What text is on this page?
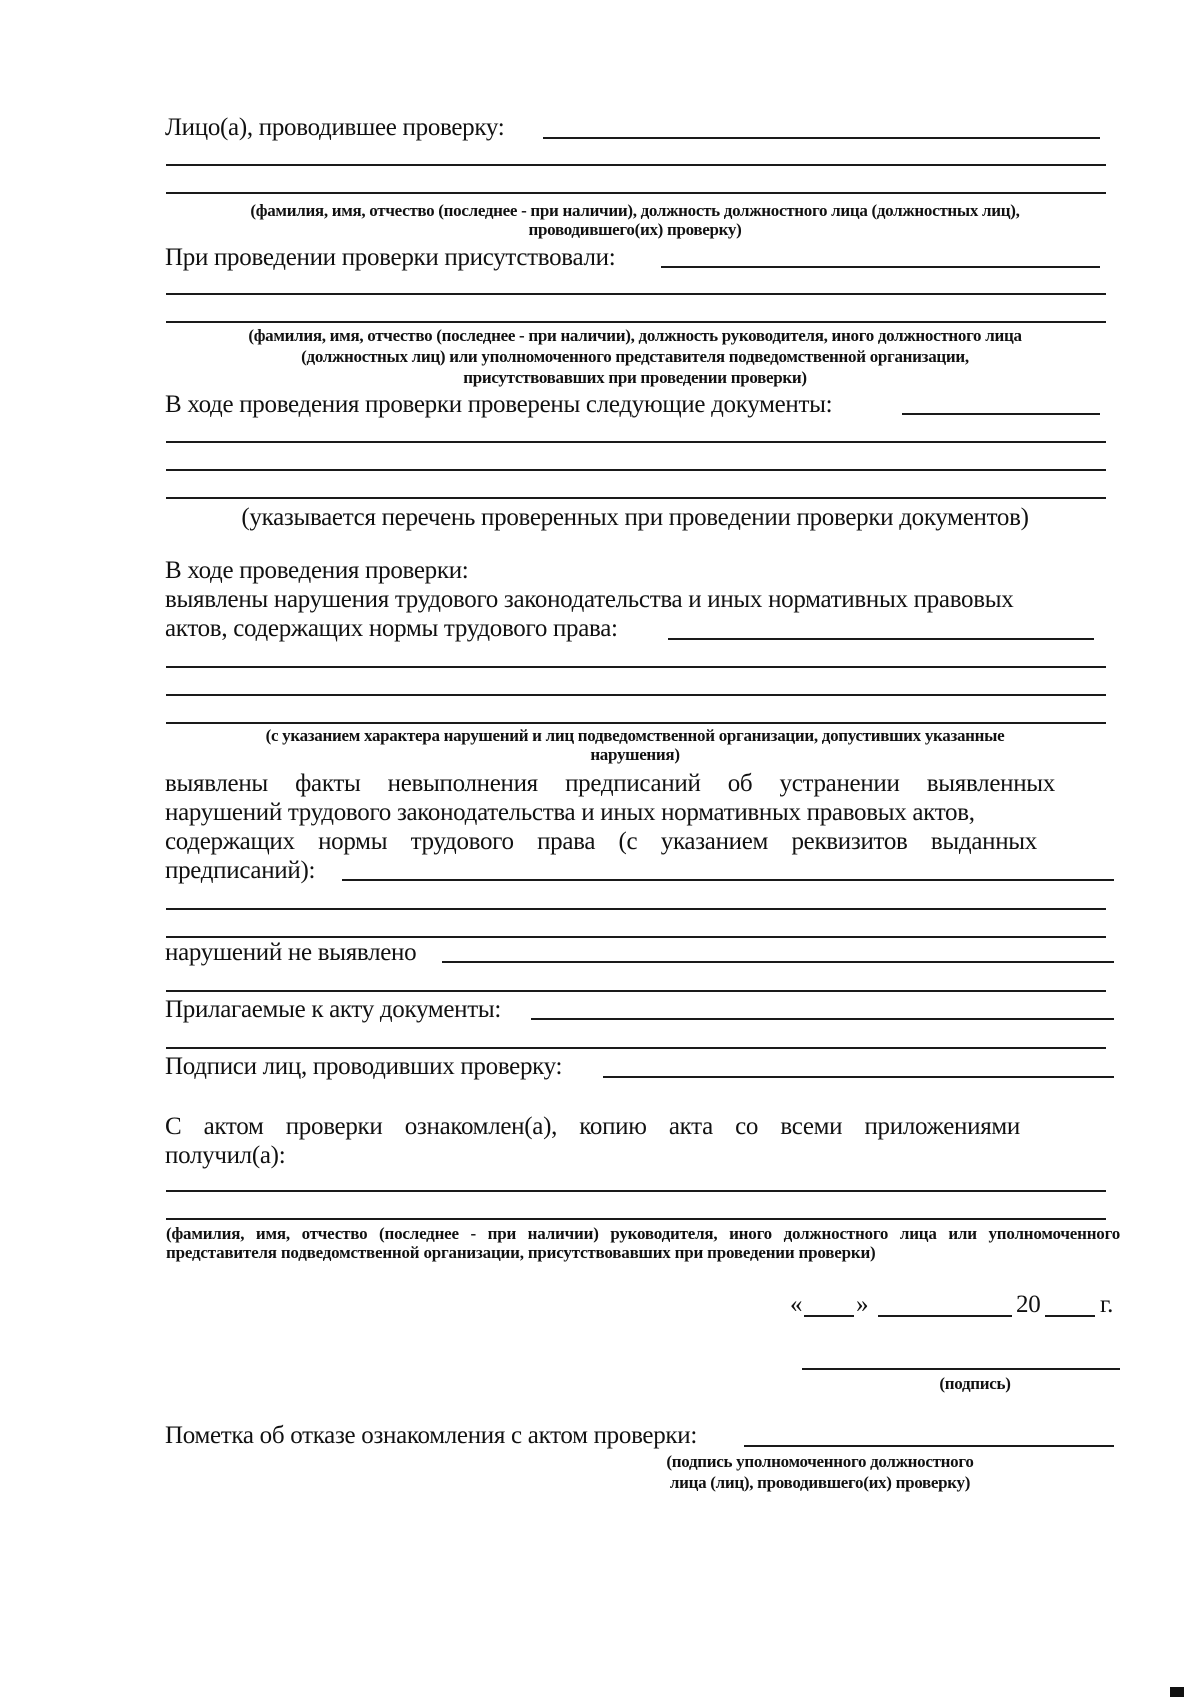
Лицо(а), проводившее проверку:
(фамилия, имя, отчество (последнее - при наличии), должность должностного лица (должностных лиц),
проводившего(их) проверку)
При проведении проверки присутствовали:
(фамилия, имя, отчество (последнее - при наличии), должность руководителя, иного должностного лица
(должностных лиц) или уполномоченного представителя подведомственной организации,
присутствовавших при проведении проверки)
В ходе проведения проверки проверены следующие документы:
(указывается перечень проверенных при проведении проверки документов)
В ходе проведения проверки:
выявлены нарушения трудового законодательства и иных нормативных правовых
актов, содержащих нормы трудового права:
(с указанием характера нарушений и лиц подведомственной организации, допустивших указанные
нарушения)
выявлены факты невыполнения предписаний об устранении выявленных
нарушений трудового законодательства и иных нормативных правовых актов,
содержащих нормы трудового права (с указанием реквизитов выданных
предписаний):
нарушений не выявлено
Прилагаемые к акту документы:
Подписи лиц, проводивших проверку:
С актом проверки ознакомлен(а), копию акта со всеми приложениями
получил(а):
(фамилия, имя, отчество (последнее - при наличии) руководителя, иного должностного лица или уполномоченного представителя подведомственной организации, присутствовавших при проведении проверки)
« »	20 г.
(подпись)
Пометка об отказе ознакомления с актом проверки:
(подпись уполномоченного должностного
лица (лиц), проводившего(их) проверку)
